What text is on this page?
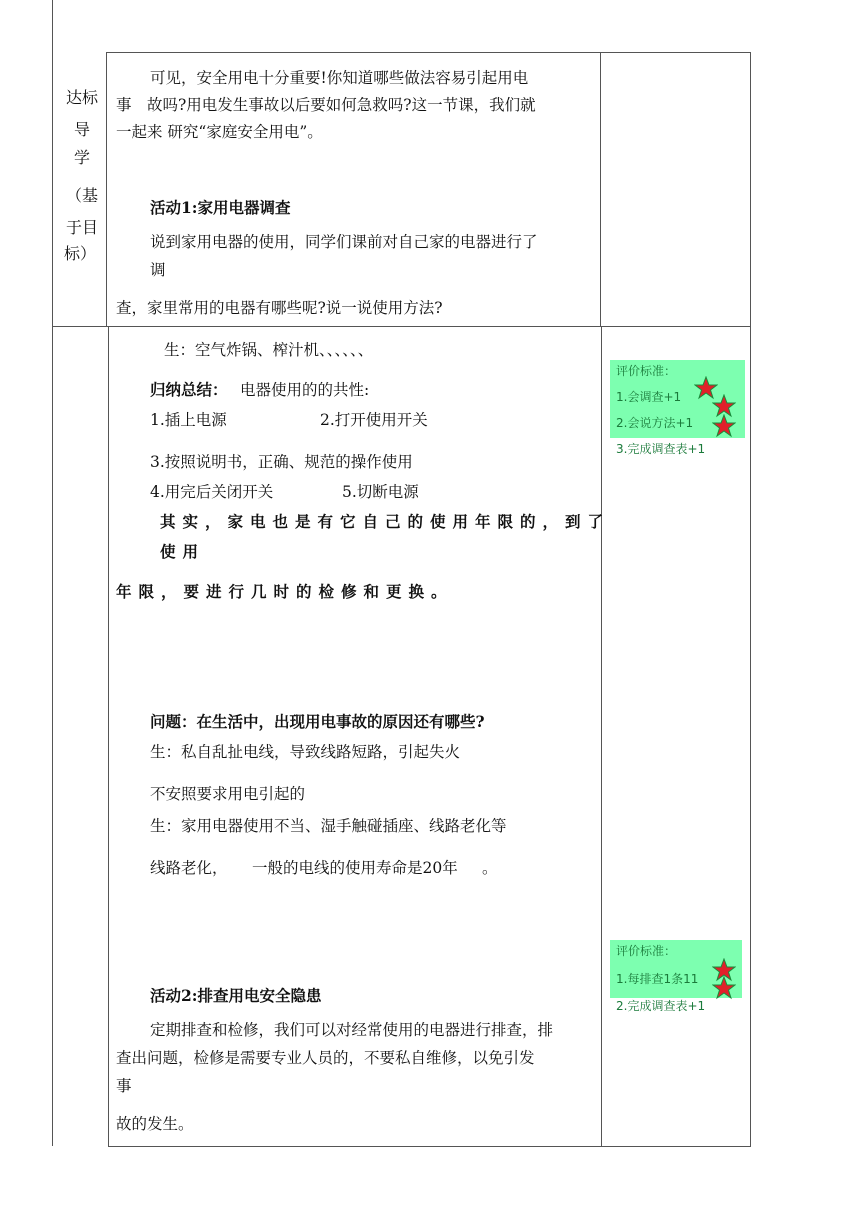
达标
导
学
（基
于目
标）
可见，安全用电十分重要!你知道哪些做法容易引起用电
事　故吗?用电发生事故以后要如何急救吗?这一节课，我们就
一起来 研究“家庭安全用电”。
活动1:家用电器调查
说到家用电器的使用，同学们课前对自己家的电器进行了
调
查，家里常用的电器有哪些呢?说一说使用方法?
生：空气炸锅、榨汁机、、、、、、
归纳总结： 电器使用的的共性:
1.插上电源	2.打开使用开关
3.按照说明书，正确、规范的操作使用
4.用完后关闭开关	5.切断电源
其实，家电也是有它自己的使用年限的，到了
使用
年限，要进行几时的检修和更换。
问题：在生活中，出现用电事故的原因还有哪些?
生：私自乱扯电线，导致线路短路，引起失火
不安照要求用电引起的
生：家用电器使用不当、湿手触碰插座、线路老化等
线路老化， 一般的电线的使用寿命是20年 。
活动2:排查用电安全隐患
定期排查和检修，我们可以对经常使用的电器进行排查，排
查出问题，检修是需要专业人员的，不要私自维修，以免引发
事
故的发生。
评价标准：
1.会调查+1
2.会说方法+1
3.完成调查表+1
评价标准：
1.每排查1条11
2.完成调查表+1
